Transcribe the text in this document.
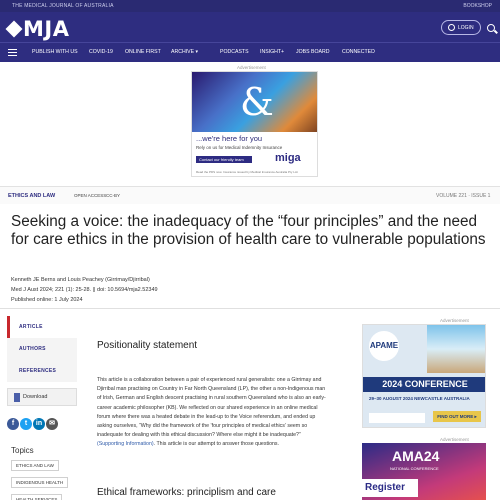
THE MEDICAL JOURNAL OF AUSTRALIA	BOOKSHOP
MJA	LOGIN
PUBLISH WITH US COVID-19 ONLINE FIRST ARCHIVE ▾	PODCASTS INSIGHT+ JOBS BOARD CONNECTED
Advertisement
&
...we're here for you
Rely on us for Medical Indemnity Insurance
Contact our friendly team	miga
Read the PDS now. Insurance issued by Medical Insurance Australia Pty Ltd.
ETHICS AND LAW	OPEN ACCESS CC-BY	VOLUME 221 · ISSUE 1
Seeking a voice: the inadequacy of the “four principles” and the need for care ethics in the provision of health care to vulnerable populations
Kenneth JE Berns and Louis Peachey (Girrimay/Djirribal)
Med J Aust 2024; 221 (1): 25-28. || doi: 10.5694/mja2.52349
Published online: 1 July 2024
ARTICLE
AUTHORS
REFERENCES
Download
f	t	in ✉
Topics
ETHICS AND LAW
INDIGENOUS HEALTH
HEALTH SERVICES
Positionality statement

This article is a collaboration between a pair of experienced rural generalists: one a Girrimay and Djirribal man practising on Country in Far North Queensland (LP), the other a non-Indigenous man of Irish, German and English descent practising in rural southern Queensland who is also an early-career academic philosopher (KB). We reflected on our shared experience in an online medical forum where there was a heated debate in the lead-up to the Voice referendum, and ended up asking ourselves, “Why did the framework of the ‘four principles of medical ethics’ seem so inadequate for dealing with this ethical discussion? Where else might it be inadequate?” (Supporting Information). This article is our attempt to answer those questions.

Ethical frameworks: principlism and care
Advertisement
APAME
2024 CONFERENCE
29–30 AUGUST 2024 NEWCASTLE AUSTRALIA
FIND OUT MORE ▸
Advertisement
AMA24
NATIONAL CONFERENCE
Register
